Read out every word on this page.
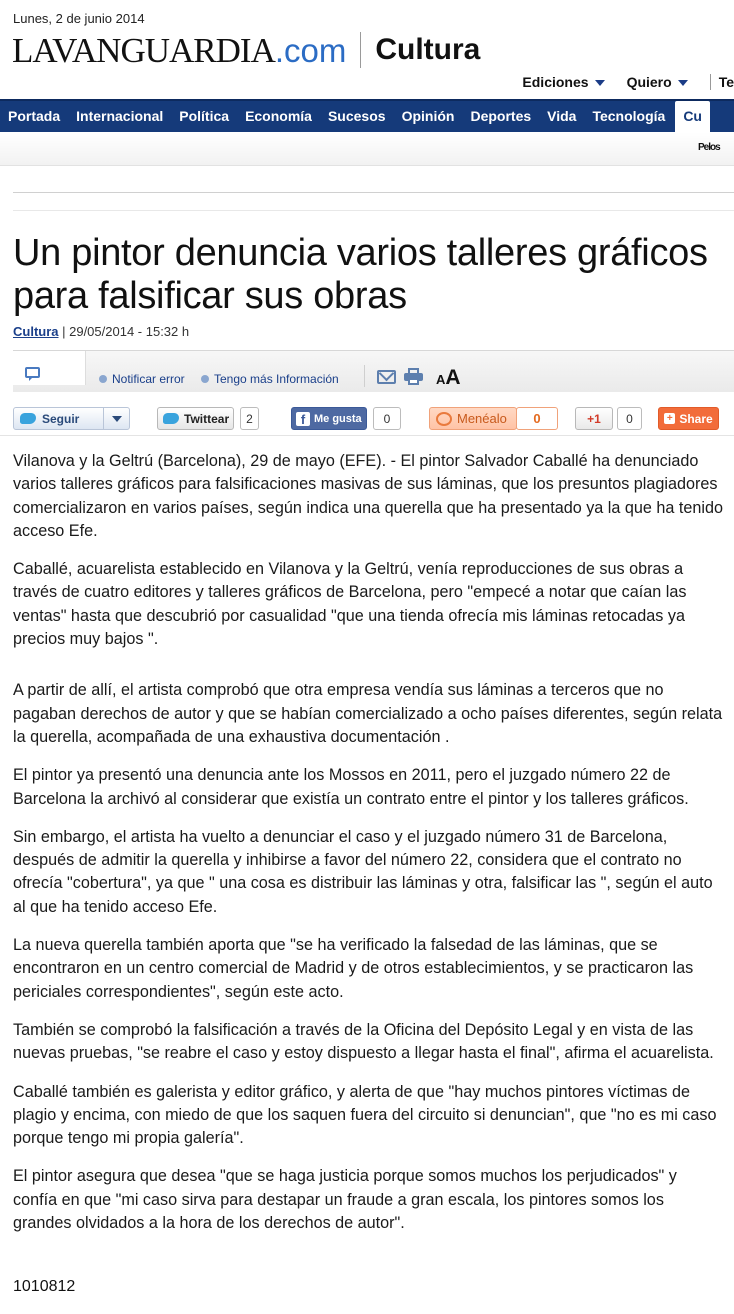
Lunes, 2 de junio 2014
LAVANGUARDIA.com Cultura
Ediciones	Quiero	Te
Portada	Internacional	Política	Economía	Sucesos	Opinión	Deportes	Vida	Tecnología	Cu
Pelos
Un pintor denuncia varios talleres gráficos para falsificar sus obras
Cultura | 29/05/2014 - 15:32 h
Notificar error Tengo más Información	AA
Seguir	Twittear	2	f Me gusta	0	Menéalo	0	+1	0	+ Share

Vilanova y la Geltrú (Barcelona), 29 de mayo (EFE). - El pintor Salvador Caballé ha denunciado varios talleres gráficos para falsificaciones masivas de sus láminas, que los presuntos plagiadores comercializaron en varios países, según indica una querella que ha presentado ya la que ha tenido acceso Efe.

Caballé, acuarelista establecido en Vilanova y la Geltrú, venía reproducciones de sus obras a través de cuatro editores y talleres gráficos de Barcelona, pero "empecé a notar que caían las ventas" hasta que descubrió por casualidad "que una tienda ofrecía mis láminas retocadas ya precios muy bajos ".

A partir de allí, el artista comprobó que otra empresa vendía sus láminas a terceros que no pagaban derechos de autor y que se habían comercializado a ocho países diferentes, según relata la querella, acompañada de una exhaustiva documentación .

El pintor ya presentó una denuncia ante los Mossos en 2011, pero el juzgado número 22 de Barcelona la archivó al considerar que existía un contrato entre el pintor y los talleres gráficos.

Sin embargo, el artista ha vuelto a denunciar el caso y el juzgado número 31 de Barcelona, después de admitir la querella y inhibirse a favor del número 22, considera que el contrato no ofrecía "cobertura", ya que " una cosa es distribuir las láminas y otra, falsificar las ", según el auto al que ha tenido acceso Efe.

La nueva querella también aporta que "se ha verificado la falsedad de las láminas, que se encontraron en un centro comercial de Madrid y de otros establecimientos, y se practicaron las periciales correspondientes", según este acto.

También se comprobó la falsificación a través de la Oficina del Depósito Legal y en vista de las nuevas pruebas, "se reabre el caso y estoy dispuesto a llegar hasta el final", afirma el acuarelista.

Caballé también es galerista y editor gráfico, y alerta de que "hay muchos pintores víctimas de plagio y encima, con miedo de que los saquen fuera del circuito si denuncian", que "no es mi caso porque tengo mi propia galería".

El pintor asegura que desea "que se haga justicia porque somos muchos los perjudicados" y confía en que "mi caso sirva para destapar un fraude a gran escala, los pintores somos los grandes olvidados a la hora de los derechos de autor".

1010812
